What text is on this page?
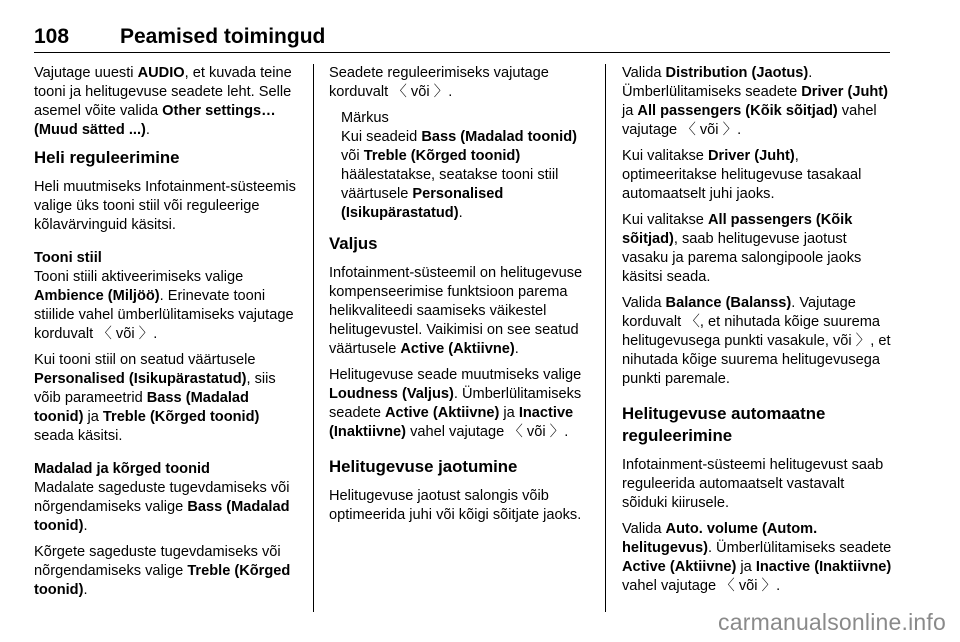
108 Peamised toimingud

Vajutage uuesti AUDIO, et kuvada teine tooni ja helitugevuse seadete leht. Selle asemel võite valida Other settings… (Muud sätted ...).

Heli reguleerimine

Heli muutmiseks Infotainment-süsteemis valige üks tooni stiil või reguleerige kõlavärvinguid käsitsi.

Tooni stiil

Tooni stiili aktiveerimiseks valige Ambience (Miljöö). Erinevate tooni stiilide vahel ümberlülitamiseks vajutage korduvalt 〈 või 〉.

Kui tooni stiil on seatud väärtusele Personalised (Isikupärastatud), siis võib parameetrid Bass (Madalad toonid) ja Treble (Kõrged toonid) seada käsitsi.

Madalad ja kõrged toonid

Madalate sageduste tugevdamiseks või nõrgendamiseks valige Bass (Madalad toonid).

Kõrgete sageduste tugevdamiseks või nõrgendamiseks valige Treble (Kõrged toonid).

Seadete reguleerimiseks vajutage korduvalt 〈 või 〉.

Märkus
Kui seadeid Bass (Madalad toonid) või Treble (Kõrged toonid) häälestatakse, seatakse tooni stiil väärtusele Personalised (Isikupärastatud).
Valjus

Infotainment-süsteemil on helitugevuse kompenseerimise funktsioon parema helikvaliteedi saamiseks väikestel helitugevustel. Vaikimisi on see seatud väärtusele Active (Aktiivne).

Helitugevuse seade muutmiseks valige Loudness (Valjus). Ümberlülitamiseks seadete Active (Aktiivne) ja Inactive (Inaktiivne) vahel vajutage 〈 või 〉.

Helitugevuse jaotumine

Helitugevuse jaotust salongis võib optimeerida juhi või kõigi sõitjate jaoks.

Valida Distribution (Jaotus). Ümberlülitamiseks seadete Driver (Juht) ja All passengers (Kõik sõitjad) vahel vajutage 〈 või 〉.

Kui valitakse Driver (Juht), optimeeritakse helitugevuse tasakaal automaatselt juhi jaoks.

Kui valitakse All passengers (Kõik sõitjad), saab helitugevuse jaotust vasaku ja parema salongipoole jaoks käsitsi seada.

Valida Balance (Balanss). Vajutage korduvalt 〈, et nihutada kõige suurema helitugevusega punkti vasakule, või 〉, et nihutada kõige suurema helitugevusega punkti paremale.

Helitugevuse automaatne reguleerimine

Infotainment-süsteemi helitugevust saab reguleerida automaatselt vastavalt sõiduki kiirusele.

Valida Auto. volume (Autom. helitugevus). Ümberlülitamiseks seadete Active (Aktiivne) ja Inactive (Inaktiivne) vahel vajutage 〈 või 〉.

carmanualsonline.info
